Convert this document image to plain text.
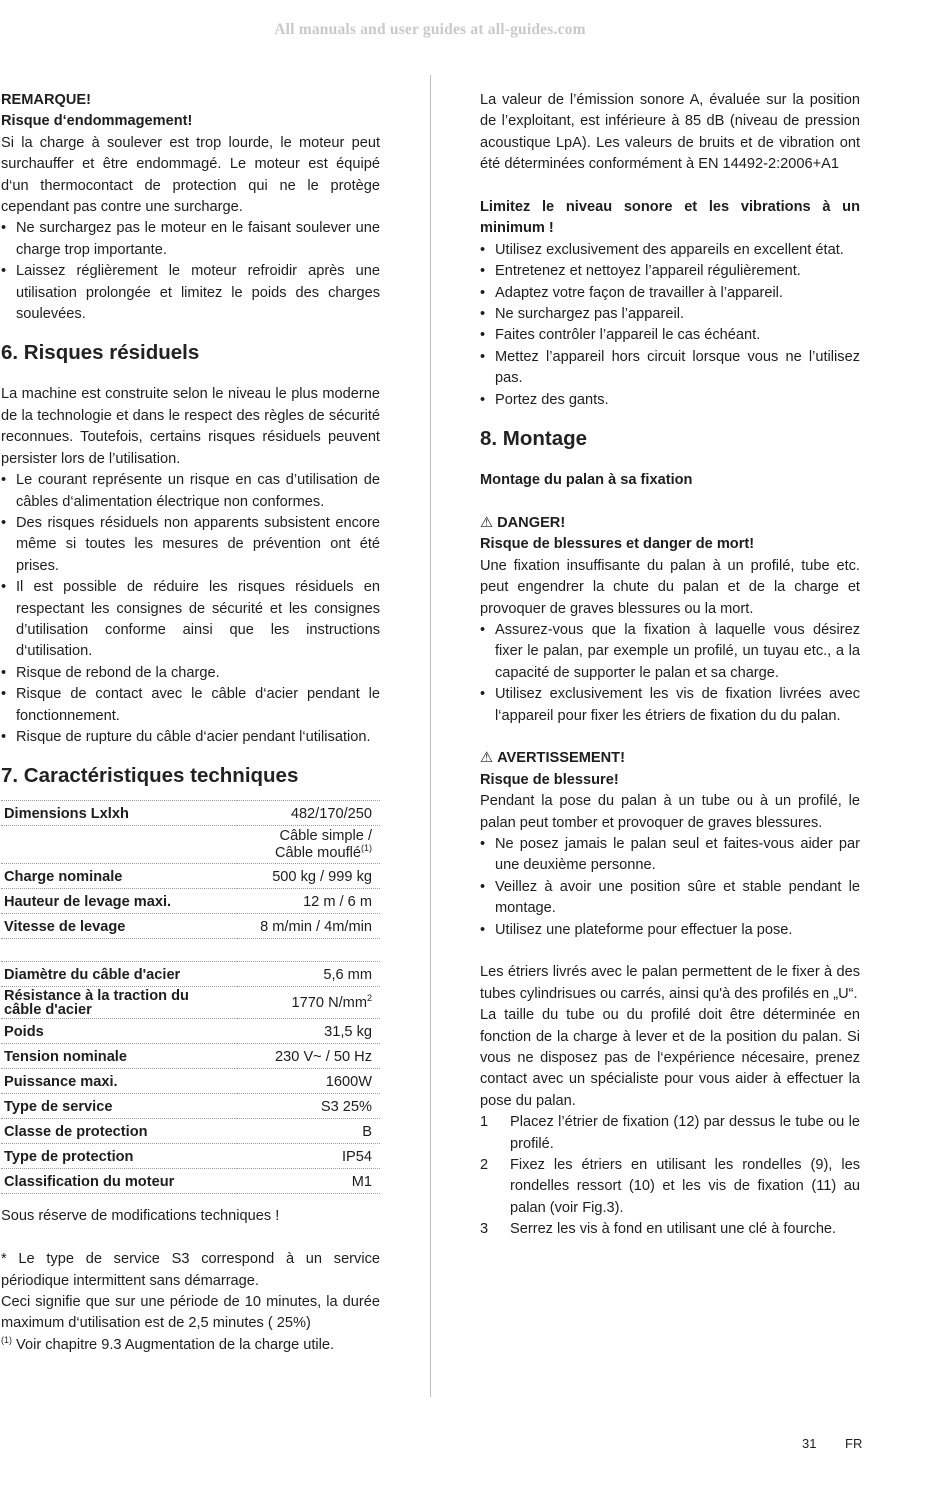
All manuals and user guides at all-guides.com

REMARQUE!

Risque d‘endommagement!

Si la charge à soulever est trop lourde, le moteur peut surchauffer et être endommagé. Le moteur est équipé d‘un thermocontact de protection qui ne le protège cependant pas contre une surcharge.

• Ne surchargez pas le moteur en le faisant soulever une charge trop importante.
• Laissez réglièrement le moteur refroidir après une utilisation prolongée et limitez le poids des charges soulevées.
6. Risques résiduels

La machine est construite selon le niveau le plus moderne de la technologie et dans le respect des règles de sécurité reconnues. Toutefois, certains risques résiduels peuvent persister lors de l’utilisation.

• Le courant représente un risque en cas d’utilisation de câbles d‘alimentation électrique non conformes.
• Des risques résiduels non apparents subsistent encore même si toutes les mesures de prévention ont été prises.
• Il est possible de réduire les risques résiduels en respectant les consignes de sécurité et les consignes d’utilisation conforme ainsi que les instructions d‘utilisation.
• Risque de rebond de la charge.
• Risque de contact avec le câble d‘acier pendant le fonctionnement.
• Risque de rupture du câble d‘acier pendant l‘utilisation.
7. Caractéristiques techniques
Dimensions Lxlxh	482/170/250
	Câble simple /
Câble mouflé$^{(1)}$
Charge nominale	500 kg / 999 kg
Hauteur de levage maxi.	12 m / 6 m
Vitesse de levage	8 m/min / 4m/min

Diamètre du câble d'acier	5,6 mm
Résistance à la traction du câble d'acier	1770 $N/mm^2$
Poids	31,5 kg
Tension nominale	230 V~ / 50 Hz
Puissance maxi.	1600W
Type de service	S3 25%
Classe de protection	B
Type de protection	IP54
Classification du moteur	M1

Sous réserve de modifications techniques !

* Le type de service S3 correspond à un service périodique intermittent sans démarrage.

Ceci signifie que sur une période de 10 minutes, la durée maximum d‘utilisation est de 2,5 minutes ( 25%)

$^{(1)}$ Voir chapitre 9.3 Augmentation de la charge utile.

La valeur de l’émission sonore A, évaluée sur la position de l’exploitant, est inférieure à 85 dB (niveau de pression acoustique LpA). Les valeurs de bruits et de vibration ont été déterminées conformément à EN 14492-2:2006+A1

Limitez le niveau sonore et les vibrations à un minimum !

• Utilisez exclusivement des appareils en excellent état.
• Entretenez et nettoyez l’appareil régulièrement.
• Adaptez votre façon de travailler à l’appareil.
• Ne surchargez pas l’appareil.
• Faites contrôler l’appareil le cas échéant.
• Mettez l’appareil hors circuit lorsque vous ne l’utilisez pas.
• Portez des gants.
8. Montage

Montage du palan à sa fixation

⚠ DANGER!

Risque de blessures et danger de mort!

Une fixation insuffisante du palan à un profilé, tube etc. peut engendrer la chute du palan et de la charge et provoquer de graves blessures ou la mort.

• Assurez-vous que la fixation à laquelle vous désirez fixer le palan, par exemple un profilé, un tuyau etc., a la capacité de supporter le palan et sa charge.
• Utilisez exclusivement les vis de fixation livrées avec l‘appareil pour fixer les étriers de fixation du du palan.

⚠ AVERTISSEMENT!

Risque de blessure!

Pendant la pose du palan à un tube ou à un profilé, le palan peut tomber et provoquer de graves blessures.

• Ne posez jamais le palan seul et faites-vous aider par une deuxième personne.
• Veillez à avoir une position sûre et stable pendant le montage.
• Utilisez une plateforme pour effectuer la pose.

Les étriers livrés avec le palan permettent de le fixer à des tubes cylindrisues ou carrés, ainsi qu'à des profilés en „U“.

La taille du tube ou du profilé doit être déterminée en fonction de la charge à lever et de la position du palan. Si vous ne disposez pas de l‘expérience nécesaire, prenez contact avec un spécialiste pour vous aider à effectuer la pose du palan.

1 Placez l’étrier de fixation (12) par dessus le tube ou le profilé.
2 Fixez les étriers en utilisant les rondelles (9), les rondelles ressort (10) et les vis de fixation (11) au palan (voir Fig.3).
3 Serrez les vis à fond en utilisant une clé à fourche.
31 FR
